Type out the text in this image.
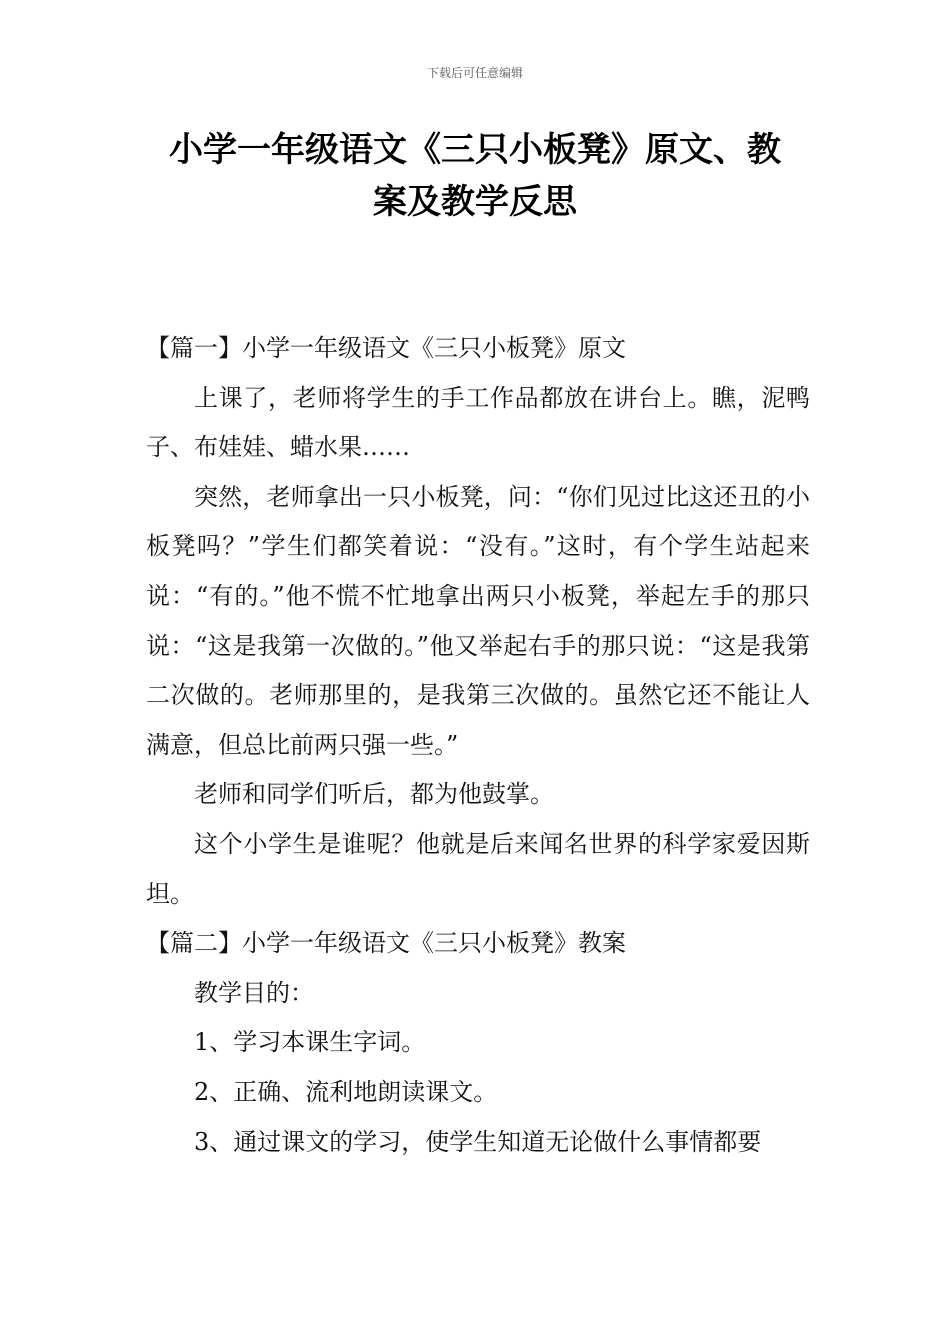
下载后可任意编辑
小学一年级语文《三只小板凳》原文、教
案及教学反思

【篇一】小学一年级语文《三只小板凳》原文

上课了，老师将学生的手工作品都放在讲台上。瞧，泥鸭子、布娃娃、蜡水果……

突然，老师拿出一只小板凳，问：“你们见过比这还丑的小板凳吗？”学生们都笑着说：“没有。”这时，有个学生站起来说：“有的。”他不慌不忙地拿出两只小板凳，举起左手的那只说：“这是我第一次做的。”他又举起右手的那只说：“这是我第二次做的。老师那里的，是我第三次做的。虽然它还不能让人满意，但总比前两只强一些。”

老师和同学们听后，都为他鼓掌。

这个小学生是谁呢？他就是后来闻名世界的科学家爱因斯坦。

【篇二】小学一年级语文《三只小板凳》教案

教学目的：

1、学习本课生字词。

2、正确、流利地朗读课文。

3、通过课文的学习，使学生知道无论做什么事情都要
